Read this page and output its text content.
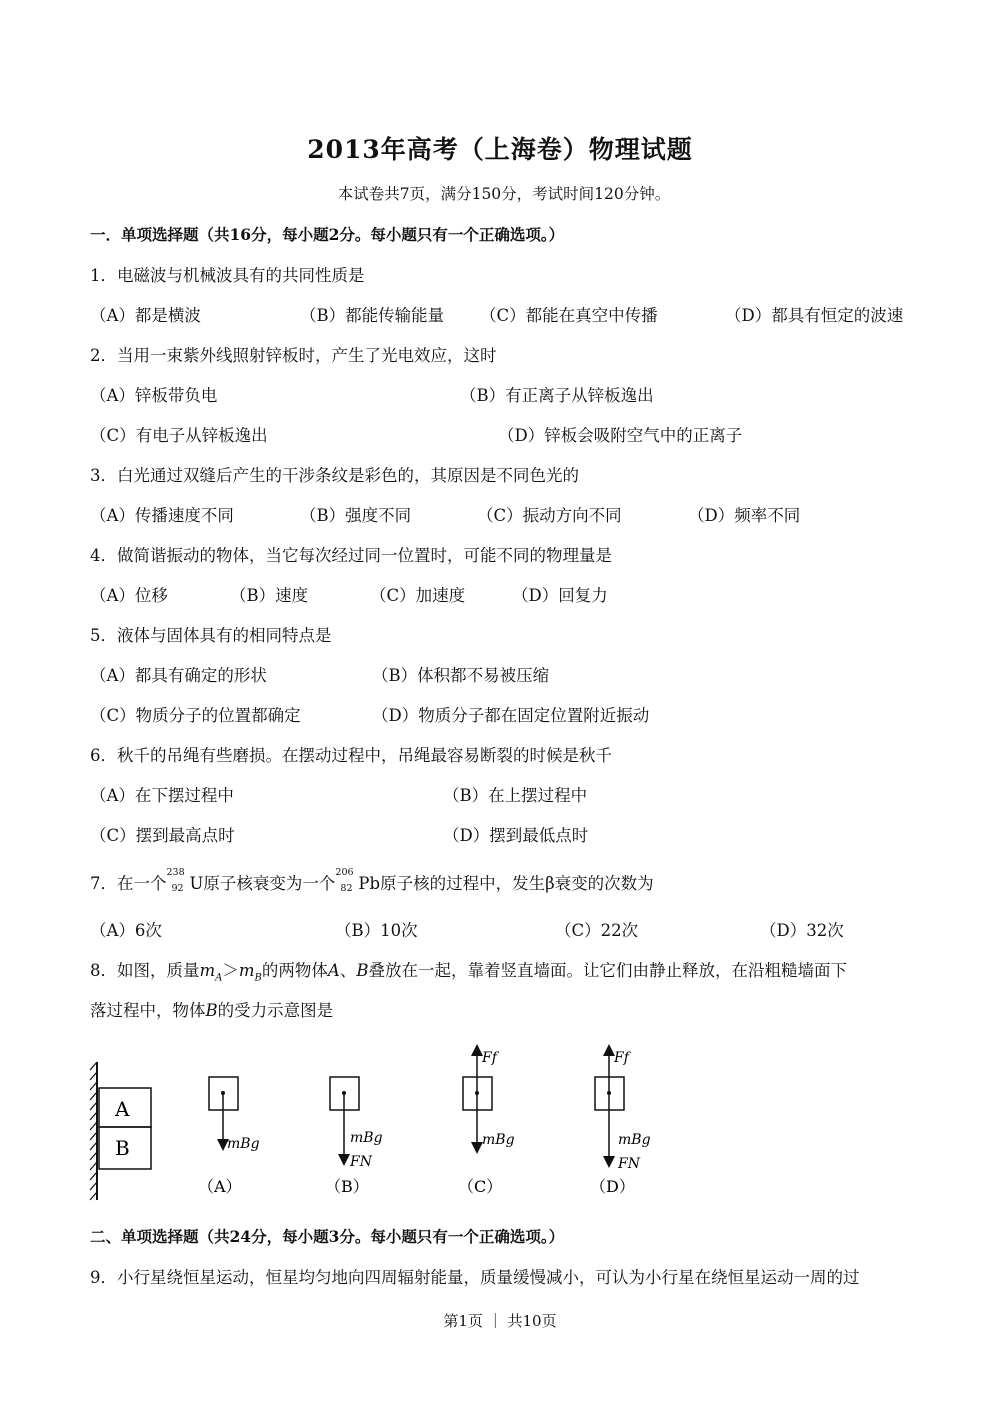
2013年高考（上海卷）物理试题
本试卷共7页，满分150分，考试时间120分钟。
一．单项选择题（共16分，每小题2分。每小题只有一个正确选项。）
1．电磁波与机械波具有的共同性质是
（A）都是横波	（B）都能传输能量 （C）都能在真空中传播	（D）都具有恒定的波速
2．当用一束紫外线照射锌板时，产生了光电效应，这时
（A）锌板带负电	（B）有正离子从锌板逸出
（C）有电子从锌板逸出	（D）锌板会吸附空气中的正离子
3．白光通过双缝后产生的干涉条纹是彩色的，其原因是不同色光的
（A）传播速度不同	（B）强度不同	（C）振动方向不同	（D）频率不同
4．做简谐振动的物体，当它每次经过同一位置时，可能不同的物理量是
（A）位移	（B）速度	（C）加速度	（D）回复力
5．液体与固体具有的相同特点是
（A）都具有确定的形状	（B）体积都不易被压缩
（C）物质分子的位置都确定	（D）物质分子都在固定位置附近振动
6．秋千的吊绳有些磨损。在摆动过程中，吊绳最容易断裂的时候是秋千
（A）在下摆过程中	（B）在上摆过程中
（C）摆到最高点时	（D）摆到最低点时
7．在一个
238
92 U原子核衰变为一个
206
82 Pb原子核的过程中，发生β衰变的次数为
（A）6次	（B）10次	（C）22次	（D）32次
8．如图，质量$m_A>m_B$的两物体A、B叠放在一起，靠着竖直墙面。让它们由静止释放，在沿粗糙墙面下
落过程中，物体B的受力示意图是
A
B	mBg
（A）
mBg
FN
（B）
Ff
mBg
（C）
Ff
mBg
FN
（D）
二、单项选择题（共24分，每小题3分。每小题只有一个正确选项。）
9．小行星绕恒星运动，恒星均匀地向四周辐射能量，质量缓慢减小，可认为小行星在绕恒星运动一周的过
第1页 ｜ 共10页
